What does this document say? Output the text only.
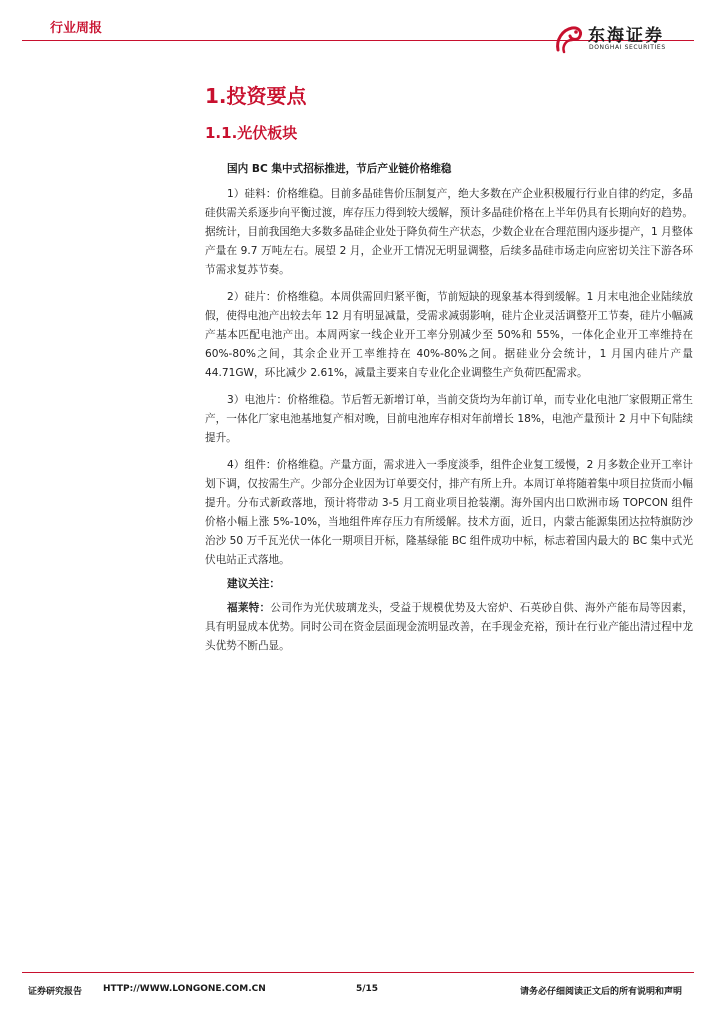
行业周报	东海证券
DONGHAI SECURITIES
1.投资要点
1.1.光伏板块
国内 BC 集中式招标推进，节后产业链价格维稳

1）硅料：价格维稳。目前多晶硅售价压制复产，绝大多数在产企业积极履行行业自律的约定，多晶硅供需关系逐步向平衡过渡，库存压力得到较大缓解，预计多晶硅价格在上半年仍具有长期向好的趋势。据统计，目前我国绝大多数多晶硅企业处于降负荷生产状态，少数企业在合理范围内逐步提产，1 月整体产量在 9.7 万吨左右。展望 2 月，企业开工情况无明显调整，后续多晶硅市场走向应密切关注下游各环节需求复苏节奏。

2）硅片：价格维稳。本周供需回归紧平衡，节前短缺的现象基本得到缓解。1 月末电池企业陆续放假，使得电池产出较去年 12 月有明显减量，受需求减弱影响，硅片企业灵活调整开工节奏，硅片小幅减产基本匹配电池产出。本周两家一线企业开工率分别减少至 50%和 55%，一体化企业开工率维持在 60%-80%之间，其余企业开工率维持在 40%-80%之间。据硅业分会统计，1 月国内硅片产量 44.71GW，环比减少 2.61%，减量主要来自专业化企业调整生产负荷匹配需求。

3）电池片：价格维稳。节后暂无新增订单，当前交货均为年前订单，而专业化电池厂家假期正常生产，一体化厂家电池基地复产相对晚，目前电池库存相对年前增长 18%，电池产量预计 2 月中下旬陆续提升。

4）组件：价格维稳。产量方面，需求进入一季度淡季，组件企业复工缓慢，2 月多数企业开工率计划下调，仅按需生产。少部分企业因为订单要交付，排产有所上升。本周订单将随着集中项目拉货而小幅提升。分布式新政落地，预计将带动 3-5 月工商业项目抢装潮。海外国内出口欧洲市场 TOPCON 组件价格小幅上涨 5%-10%，当地组件库存压力有所缓解。技术方面，近日，内蒙古能源集团达拉特旗防沙治沙 50 万千瓦光伏一体化一期项目开标，隆基绿能 BC 组件成功中标，标志着国内最大的 BC 集中式光伏电站正式落地。

建议关注：

福莱特：公司作为光伏玻璃龙头，受益于规模优势及大窑炉、石英砂自供、海外产能布局等因素，具有明显成本优势。同时公司在资金层面现金流明显改善，在手现金充裕，预计在行业产能出清过程中龙头优势不断凸显。

证券研究报告 HTTP://WWW.LONGONE.COM.CN	5/15	请务必仔细阅读正文后的所有说明和声明
